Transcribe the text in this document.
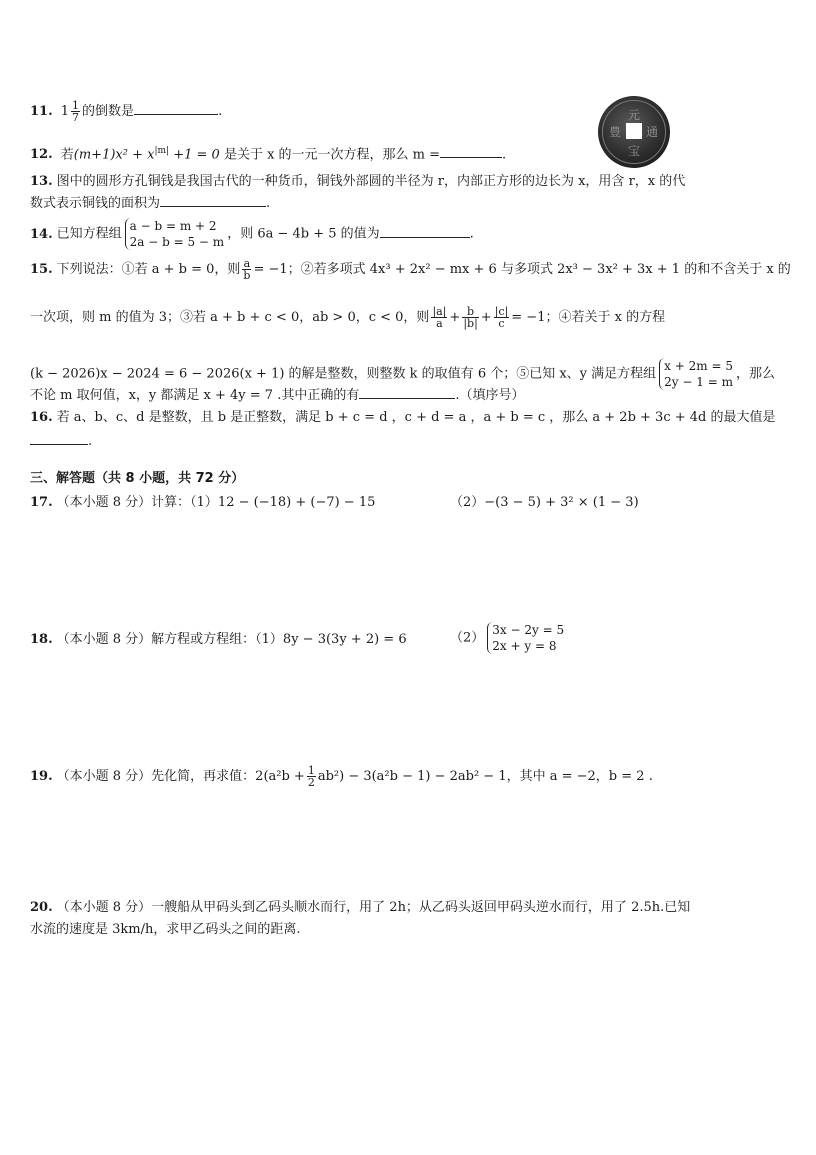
11. $1 \frac{1}{7}$ 的倒数是	.	元
通
宝
豊
12. 若$(m+1)x^2 + x^{|m|} +1 = 0$ 是关于 x 的一元一次方程，那么 m =	.
13. 图中的圆形方孔铜钱是我国古代的一种货币，铜钱外部圆的半径为 r，内部正方形的边长为 x，用含 r，x 的代
数式表示铜钱的面积为	.
14. 已知方程组
a − b = m + 2
2a − b = 5 − m
，则 6a − 4b + 5 的值为	.
15. 下列说法：①若 a + b = 0，则 $\frac{a}{b} = -1$；②若多项式 4x³ + 2x² − mx + 6 与多项式 2x³ − 3x² + 3x + 1 的和不含关于 x 的
一次项，则 m 的值为 3；③若 a + b + c < 0，ab > 0，c < 0，则 $\frac{|a|}{a} + \frac{b}{|b|} + \frac{|c|}{c} = -1$；④若关于 x 的方程
(k − 2026)x − 2024 = 6 − 2026(x + 1) 的解是整数，则整数 k 的取值有 6 个；⑤已知 x、y 满足方程组
x + 2m = 5
2y − 1 = m
，那么
不论 m 取何值，x，y 都满足 x + 4y = 7 .其中正确的有	.（填序号）
16. 若 a、b、c、d 是整数，且 b 是正整数，满足 b + c = d ，c + d = a ，a + b = c ，那么 a + 2b + 3c + 4d 的最大值是
.
三、解答题（共 8 小题，共 72 分）
17. （本小题 8 分）计算：（1）12 − (−18) + (−7) − 15	（2）−(3 − 5) + 3² × (1 − 3)
18. （本小题 8 分）解方程或方程组：（1）8y − 3(3y + 2) = 6	（2）
3x − 2y = 5
2x + y = 8
19. （本小题 8 分）先化简，再求值：$2(a^2b + \frac{1}{2} ab^2) - 3(a^2b - 1) - 2ab^2 - 1$，其中 a = −2，b = 2 .
20. （本小题 8 分）一艘船从甲码头到乙码头顺水而行，用了 2h；从乙码头返回甲码头逆水而行，用了 2.5h.已知
水流的速度是 3km/h，求甲乙码头之间的距离.
